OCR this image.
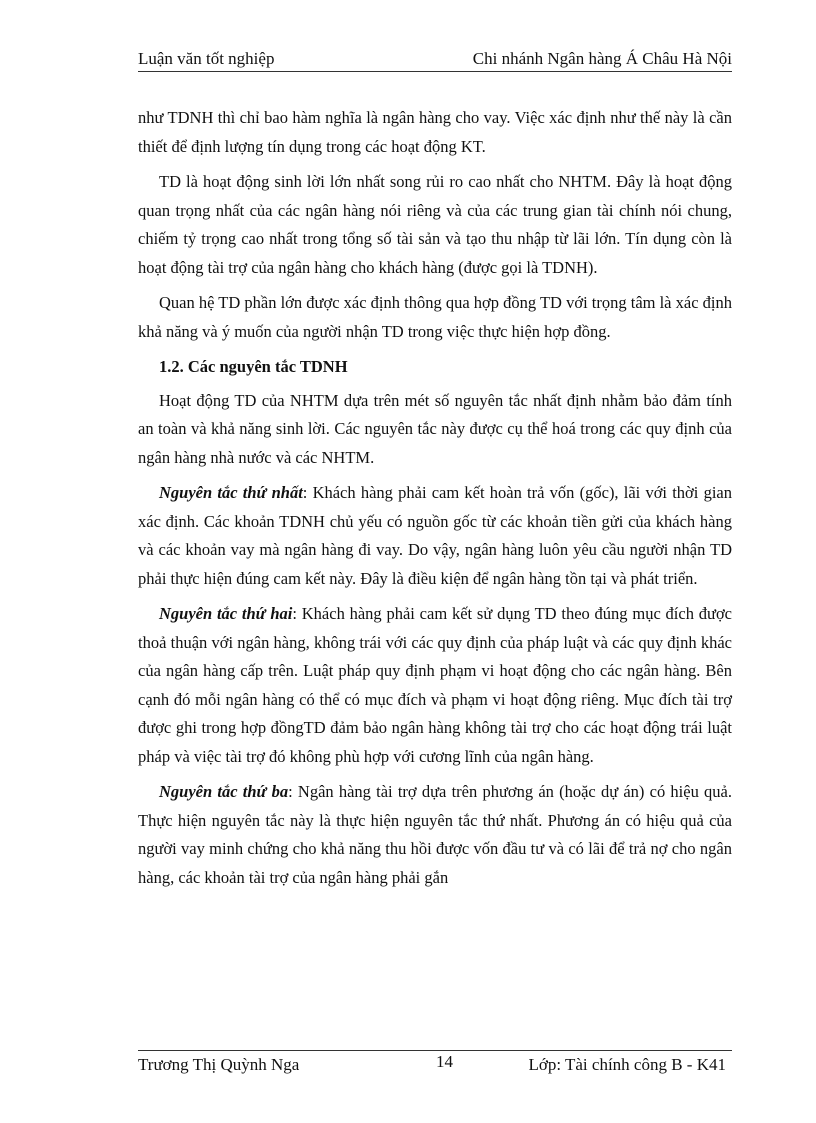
Luận văn tốt nghiệp	Chi nhánh Ngân hàng Á Châu Hà Nội

như TDNH thì chỉ bao hàm nghĩa là ngân hàng cho vay. Việc xác định như thế này là cần thiết để định lượng tín dụng trong các hoạt động KT.

TD là hoạt động sinh lời lớn nhất song rủi ro cao nhất cho NHTM. Đây là hoạt động quan trọng nhất của các ngân hàng nói riêng và của các trung gian tài chính nói chung, chiếm tỷ trọng cao nhất trong tổng số tài sản và tạo thu nhập từ lãi lớn. Tín dụng còn là hoạt động tài trợ của ngân hàng cho khách hàng (được gọi là TDNH).

Quan hệ TD phần lớn được xác định thông qua hợp đồng TD với trọng tâm là xác định khả năng và ý muốn của người nhận TD trong việc thực hiện hợp đồng.

1.2. Các nguyên tắc TDNH

Hoạt động TD của NHTM dựa trên mét số nguyên tắc nhất định nhằm bảo đảm tính an toàn và khả năng sinh lời. Các nguyên tắc này được cụ thể hoá trong các quy định của ngân hàng nhà nước và các NHTM.

Nguyên tắc thứ nhất: Khách hàng phải cam kết hoàn trả vốn (gốc), lãi với thời gian xác định. Các khoản TDNH chủ yếu có nguồn gốc từ các khoản tiền gửi của khách hàng và các khoản vay mà ngân hàng đi vay. Do vậy, ngân hàng luôn yêu cầu người nhận TD phải thực hiện đúng cam kết này. Đây là điều kiện để ngân hàng tồn tại và phát triển.

Nguyên tắc thứ hai: Khách hàng phải cam kết sử dụng TD theo đúng mục đích được thoả thuận với ngân hàng, không trái với các quy định của pháp luật và các quy định khác của ngân hàng cấp trên. Luật pháp quy định phạm vi hoạt động cho các ngân hàng. Bên cạnh đó mỗi ngân hàng có thể có mục đích và phạm vi hoạt động riêng. Mục đích tài trợ được ghi trong hợp đồngTD đảm bảo ngân hàng không tài trợ cho các hoạt động trái luật pháp và việc tài trợ đó không phù hợp với cương lĩnh của ngân hàng.

Nguyên tắc thứ ba: Ngân hàng tài trợ dựa trên phương án (hoặc dự án) có hiệu quả. Thực hiện nguyên tắc này là thực hiện nguyên tắc thứ nhất. Phương án có hiệu quả của người vay minh chứng cho khả năng thu hồi được vốn đầu tư và có lãi để trả nợ cho ngân hàng, các khoản tài trợ của ngân hàng phải gắn

Trương Thị Quỳnh Nga	14	Lớp: Tài chính công B - K41
